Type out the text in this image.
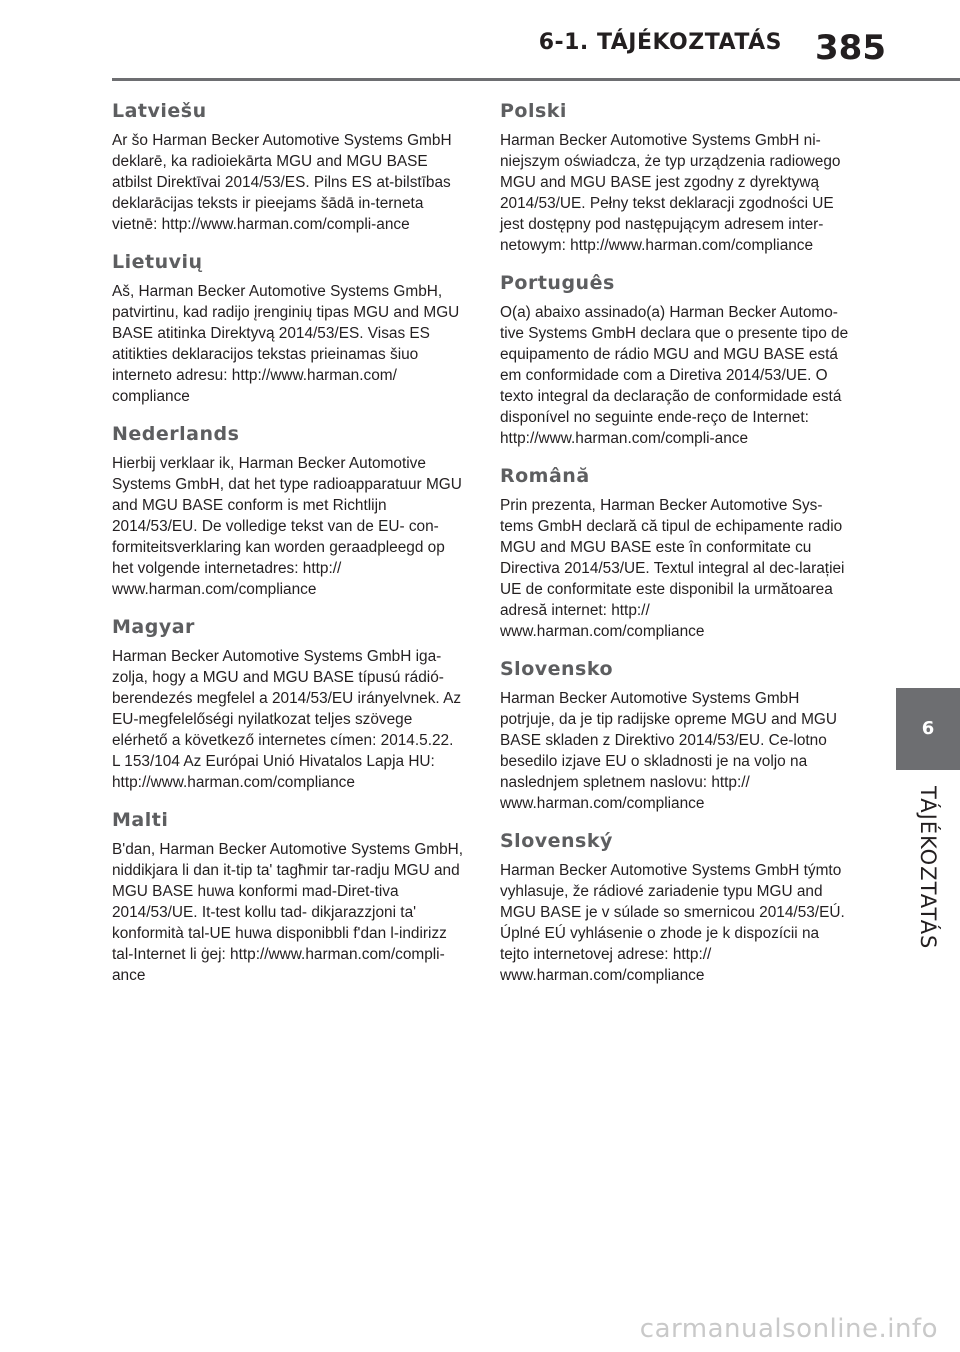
6-1. TÁJÉKOZTATÁS 385
Latviešu

Ar šo Harman Becker Automotive Systems GmbH deklarē, ka radioiekārta MGU and MGU BASE atbilst Direktīvai 2014/53/ES. Pilns ES at-bilstības deklarācijas teksts ir pieejams šādā in-terneta vietnē: http://www.harman.com/compli-ance

Lietuvių

Aš, Harman Becker Automotive Systems GmbH, patvirtinu, kad radijo įrenginių tipas MGU and MGU BASE atitinka Direktyvą 2014/53/ES. Visas ES atitikties deklaracijos tekstas prieinamas šiuo interneto adresu: http://www.harman.com/ compliance

Nederlands

Hierbij verklaar ik, Harman Becker Automotive Systems GmbH, dat het type radioapparatuur MGU and MGU BASE conform is met Richtlijn 2014/53/EU. De volledige tekst van de EU- con-formiteitsverklaring kan worden geraadpleegd op het volgende internetadres: http:// www.harman.com/compliance

Magyar

Harman Becker Automotive Systems GmbH iga-zolja, hogy a MGU and MGU BASE típusú rádió-berendezés megfelel a 2014/53/EU irányelvnek. Az EU-megfelelőségi nyilatkozat teljes szövege elérhető a következő internetes címen: 2014.5.22. L 153/104 Az Európai Unió Hivatalos Lapja HU: http://www.harman.com/compliance

Malti

B'dan, Harman Becker Automotive Systems GmbH, niddikjara li dan it-tip ta' tagħmir tar-radju MGU and MGU BASE huwa konformi mad-Diret-tiva 2014/53/UE. It-test kollu tad- dikjarazzjoni ta' konformità tal-UE huwa disponibbli f'dan l-indirizz tal-Internet li ġej: http://www.harman.com/compli-ance

Polski

Harman Becker Automotive Systems GmbH ni-niejszym oświadcza, że typ urządzenia radiowego MGU and MGU BASE jest zgodny z dyrektywą 2014/53/UE. Pełny tekst deklaracji zgodności UE jest dostępny pod następującym adresem inter-netowym: http://www.harman.com/compliance

Português

O(a) abaixo assinado(a) Harman Becker Automo-tive Systems GmbH declara que o presente tipo de equipamento de rádio MGU and MGU BASE está em conformidade com a Diretiva 2014/53/UE. O texto integral da declaração de conformidade está disponível no seguinte ende-reço de Internet: http://www.harman.com/compli-ance

Română

Prin prezenta, Harman Becker Automotive Sys-tems GmbH declară că tipul de echipamente radio MGU and MGU BASE este în conformitate cu Directiva 2014/53/UE. Textul integral al dec-larației UE de conformitate este disponibil la următoarea adresă internet: http:// www.harman.com/compliance

Slovensko

Harman Becker Automotive Systems GmbH potrjuje, da je tip radijske opreme MGU and MGU BASE skladen z Direktivo 2014/53/EU. Ce-lotno besedilo izjave EU o skladnosti je na voljo na naslednjem spletnem naslovu: http:// www.harman.com/compliance

Slovenský

Harman Becker Automotive Systems GmbH týmto vyhlasuje, že rádiové zariadenie typu MGU and MGU BASE je v súlade so smernicou 2014/53/EÚ. Úplné EÚ vyhlásenie o zhode je k dispozícii na tejto internetovej adrese: http:// www.harman.com/compliance

6
TÁJÉKOZTATÁS
carmanualsonline.info
